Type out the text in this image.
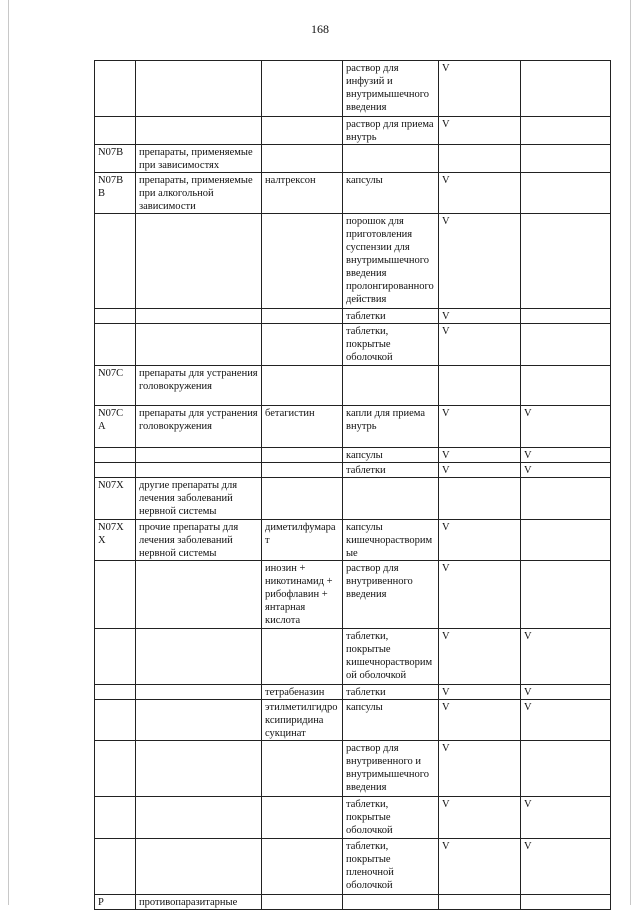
168
			раствор для инфузий и внутримышечного введения	V	
			раствор для приема внутрь	V	
N07B	препараты, применяемые при зависимостях				
N07B B	препараты, применяемые при алкогольной зависимости	налтрексон	капсулы	V	
			порошок для приготовления суспензии для внутримышечного введения пролонгированного действия	V	
			таблетки	V	
			таблетки, покрытые оболочкой	V	
N07C	препараты для устранения головокружения				
N07C A	препараты для устранения головокружения	бетагистин	капли для приема внутрь	V	V
			капсулы	V	V
			таблетки	V	V
N07X	другие препараты для лечения заболеваний нервной системы				
N07X X	прочие препараты для лечения заболеваний нервной системы	диметилфумарат	капсулы кишечнорастворимые	V	
		инозин + никотинамид + рибофлавин + янтарная кислота	раствор для внутривенного введения	V	
			таблетки, покрытые кишечнорастворимой оболочкой	V	V
		тетрабеназин	таблетки	V	V
		этилметилгидроксипиридина сукцинат	капсулы	V	V
			раствор для внутривенного и внутримышечного введения	V	
			таблетки, покрытые оболочкой	V	V
			таблетки, покрытые пленочной оболочкой	V	V
P	противопаразитарные				
